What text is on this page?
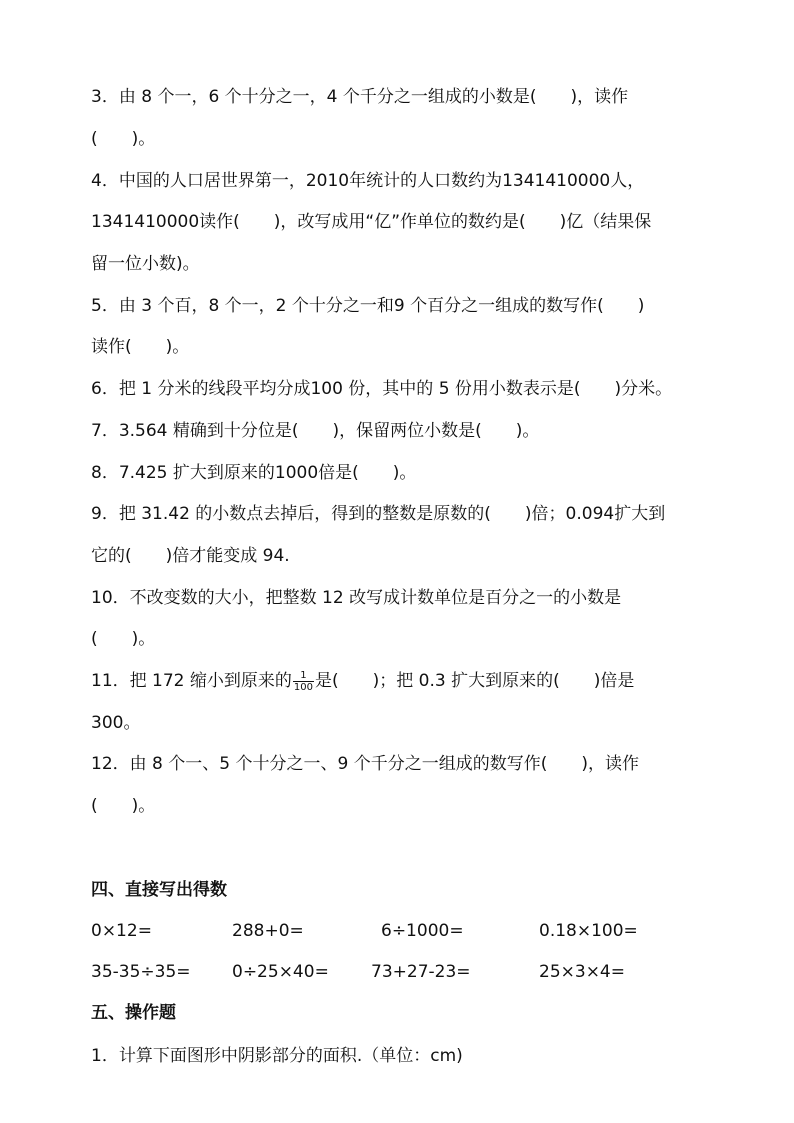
3．由 8 个一，6 个十分之一，4 个千分之一组成的小数是(　　)，读作
(　　)。
4．中国的人口居世界第一，2010年统计的人口数约为1341410000人，
1341410000读作(　　)，改写成用“亿”作单位的数约是(　　)亿（结果保
留一位小数)。
5．由 3 个百，8 个一，2 个十分之一和9 个百分之一组成的数写作(　　)
读作(　　)。
6．把 1 分米的线段平均分成100 份，其中的 5 份用小数表示是(　　)分米。
7．3.564 精确到十分位是(　　)，保留两位小数是(　　)。
8．7.425 扩大到原来的1000倍是(　　)。
9．把 31.42 的小数点去掉后，得到的整数是原数的(　　)倍；0.094扩大到
它的(　　)倍才能变成 94.
10．不改变数的大小，把整数 12 改写成计数单位是百分之一的小数是
(　　)。
11．把 172 缩小到原来的 $\frac{1}{100}$ 是(　　)；把 0.3 扩大到原来的(　　)倍是
300。
12．由 8 个一、5 个十分之一、9 个千分之一组成的数写作(　　)，读作
(　　)。
四、直接写出得数
0×12=	288+0=	6÷1000=	0.18×100=
35-35÷35= 0÷25×40= 73+27-23=	25×3×4=
五、操作题
1．计算下面图形中阴影部分的面积.（单位：cm)
